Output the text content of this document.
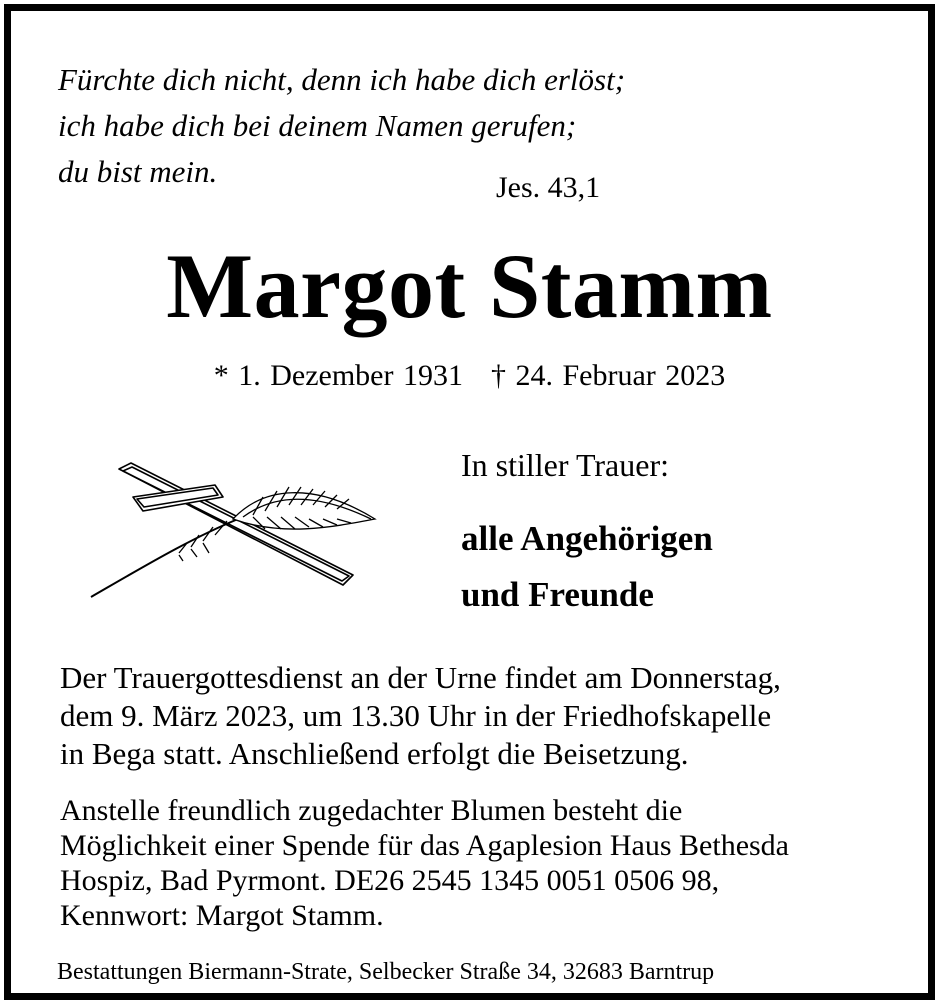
Fürchte dich nicht, denn ich habe dich erlöst;
ich habe dich bei deinem Namen gerufen;
du bist mein.	Jes. 43,1
Margot Stamm
* 1. Dezember 1931 † 24. Februar 2023
In stiller Trauer:
alle Angehörigen
und Freunde
Der Trauergottesdienst an der Urne findet am Donnerstag,
dem 9. März 2023, um 13.30 Uhr in der Friedhofskapelle
in Bega statt. Anschließend erfolgt die Beisetzung.
Anstelle freundlich zugedachter Blumen besteht die
Möglichkeit einer Spende für das Agaplesion Haus Bethesda
Hospiz, Bad Pyrmont. DE26 2545 1345 0051 0506 98,
Kennwort: Margot Stamm.
Bestattungen Biermann-Strate, Selbecker Straße 34, 32683 Barntrup
